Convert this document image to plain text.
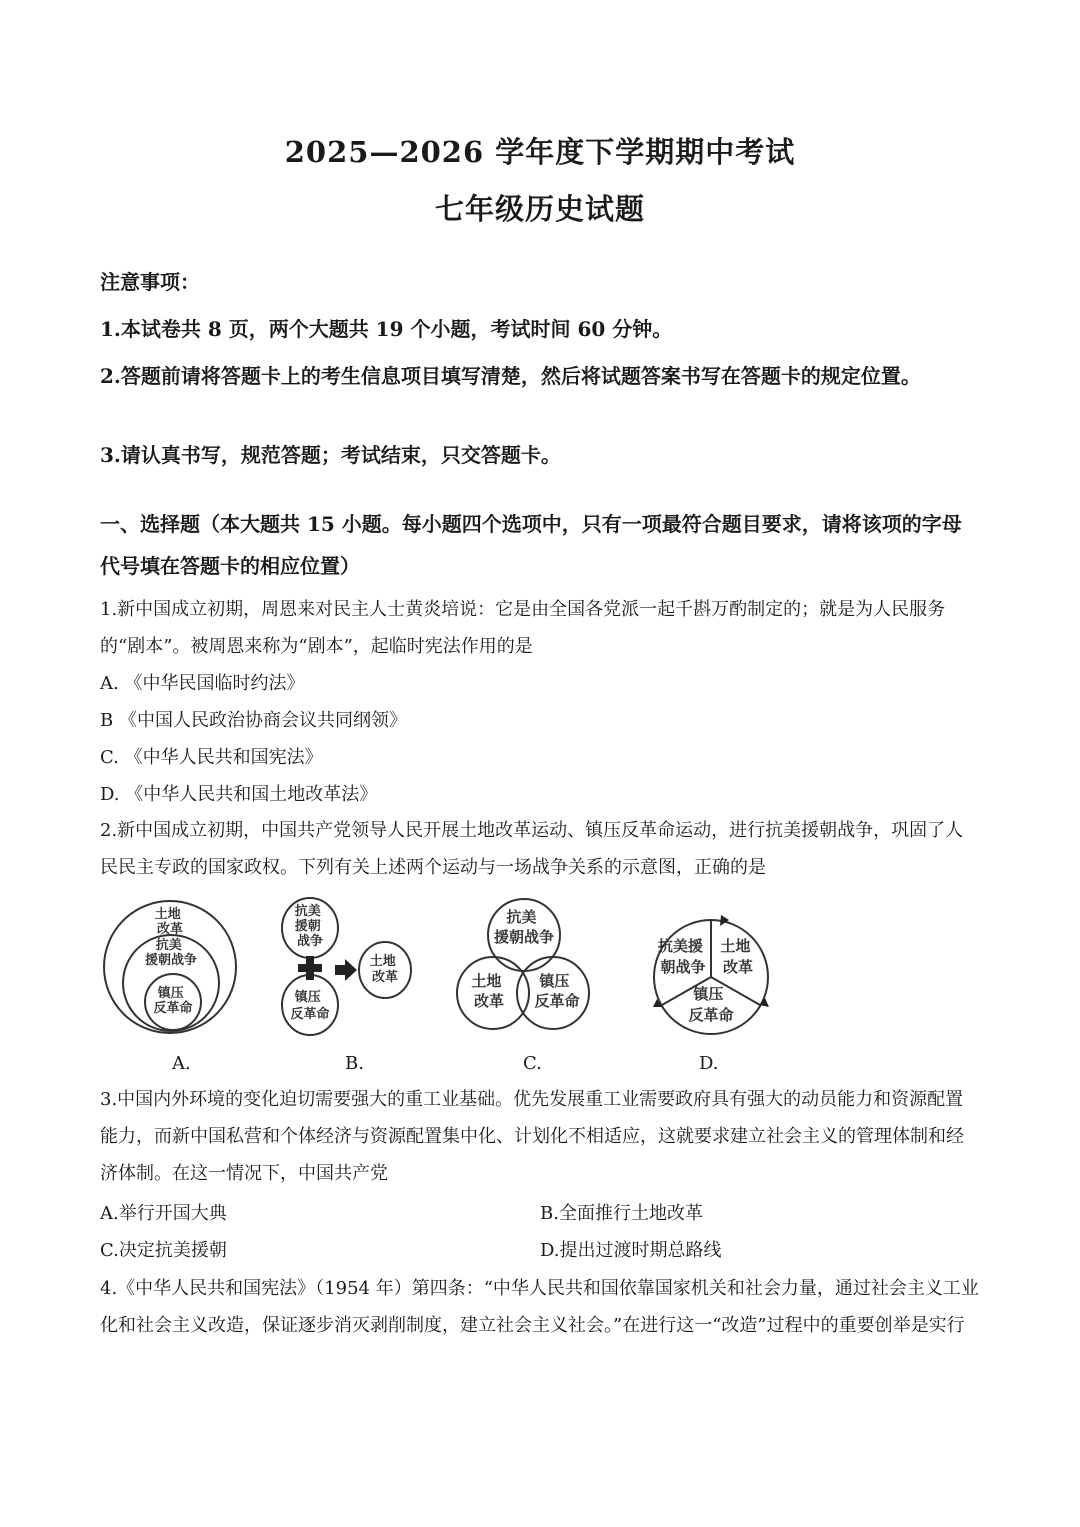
2025—2026 学年度下学期期中考试
七年级历史试题
注意事项：
1.本试卷共 8 页，两个大题共 19 个小题，考试时间 60 分钟。
2.答题前请将答题卡上的考生信息项目填写清楚，然后将试题答案书写在答题卡的规定位置。
3.请认真书写，规范答题；考试结束，只交答题卡。
一、选择题（本大题共 15 小题。每小题四个选项中，只有一项最符合题目要求，请将该项的字母代号填在答题卡的相应位置）
1.新中国成立初期，周恩来对民主人士黄炎培说：它是由全国各党派一起千斟万酌制定的；就是为人民服务的“剧本”。被周恩来称为“剧本”，起临时宪法作用的是
A. 《中华民国临时约法》
B 《中国人民政治协商会议共同纲领》
C. 《中华人民共和国宪法》
D. 《中华人民共和国土地改革法》
2.新中国成立初期，中国共产党领导人民开展土地改革运动、镇压反革命运动，进行抗美援朝战争，巩固了人民民主专政的国家政权。下列有关上述两个运动与一场战争关系的示意图，正确的是
土地 改革
抗美 援朝战争
镇压 反革命
抗美 援朝 战争
镇压 反革命
土地 改革
抗美 援朝战争
土地 改革
镇压 反革命
抗美援 朝战争
土地 改革
镇压 反革命
A.	B.	C.	D.
3.中国内外环境的变化迫切需要强大的重工业基础。优先发展重工业需要政府具有强大的动员能力和资源配置能力，而新中国私营和个体经济与资源配置集中化、计划化不相适应，这就要求建立社会主义的管理体制和经济体制。在这一情况下，中国共产党
A.举行开国大典	B.全面推行土地改革
C.决定抗美援朝	D.提出过渡时期总路线
4.《中华人民共和国宪法》（1954 年）第四条：“中华人民共和国依靠国家机关和社会力量，通过社会主义工业化和社会主义改造，保证逐步消灭剥削制度，建立社会主义社会。”在进行这一“改造”过程中的重要创举是实行
